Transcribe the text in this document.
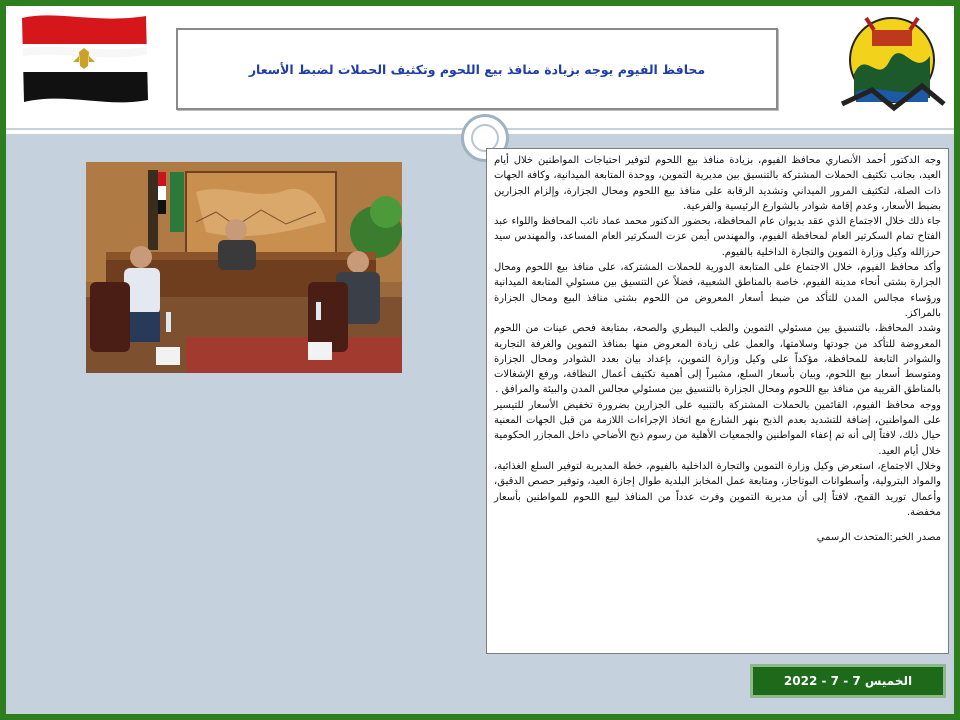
محافظ الفيوم يوجه بزيادة منافذ بيع اللحوم وتكثيف الحملات لضبط الأسعار

وجه الدكتور أحمد الأنصاري محافظ الفيوم، بزيادة منافذ بيع اللحوم لتوفير احتياجات المواطنين خلال أيام العيد، بجانب تكثيف الحملات المشتركة بالتنسيق بين مديرية التموين، ووحدة المتابعة الميدانية، وكافة الجهات ذات الصلة، لتكثيف المرور الميداني وتشديد الرقابة على منافذ بيع اللحوم ومحال الجزارة، وإلزام الجزارين بضبط الأسعار، وعدم إقامة شوادر بالشوارع الرئيسية والفرعية.

جاء ذلك خلال الاجتماع الذي عقد بديوان عام المحافظة، بحضور الدكتور محمد عماد نائب المحافظ واللواء عبد الفتاح تمام السكرتير العام لمحافظة الفيوم، والمهندس أيمن عزت السكرتير العام المساعد، والمهندس سيد حرزالله وكيل وزارة التموين والتجارة الداخلية بالفيوم.

وأكد محافظ الفيوم، خلال الاجتماع على المتابعة الدورية للحملات المشتركة، على منافذ بيع اللحوم ومحال الجزارة بشتى أنحاء مدينة الفيوم، خاصة بالمناطق الشعبية، فضلاً عن التنسيق بين مسئولي المتابعة الميدانية ورؤساء مجالس المدن للتأكد من ضبط أسعار المعروض من اللحوم بشتى منافذ البيع ومحال الجزارة بالمراكز.

وشدد المحافظ، بالتنسيق بين مسئولي التموين والطب البيطري والصحة، بمتابعة فحص عينات من اللحوم المعروضة للتأكد من جودتها وسلامتها، والعمل على زيادة المعروض منها بمنافذ التموين والغرفة التجارية والشوادر التابعة للمحافظة، مؤكداً على وكيل وزارة التموين، بإعداد بيان بعدد الشوادر ومحال الجزارة ومتوسط أسعار بيع اللحوم، وبيان بأسعار السلع، مشيراً إلى أهمية تكثيف أعمال النظافة، ورفع الإشغالات بالمناطق القريبة من منافذ بيع اللحوم ومحال الجزارة بالتنسيق بين مسئولي مجالس المدن والبيئة والمرافق .

ووجه محافظ الفيوم، القائمين بالحملات المشتركة بالتنبيه على الجزارين بضرورة تخفيض الأسعار للتيسير على المواطنين، إضافة للتشديد بعدم الذبح بنهر الشارع مع اتخاذ الإجراءات اللازمة من قبل الجهات المعنية حيال ذلك، لافتاً إلى أنه تم إعفاء المواطنين والجمعيات الأهلية من رسوم ذبح الأضاحي داخل المجازر الحكومية خلال أيام العيد.

وخلال الاجتماع، استعرض وكيل وزارة التموين والتجارة الداخلية بالفيوم، خطة المديرية لتوفير السلع الغذائية، والمواد البترولية، وأسطوانات البوتاجاز، ومتابعة عمل المخابز البلدية طوال إجازة العيد، وتوفير حصص الدقيق، وأعمال توريد القمح، لافتاً إلى أن مديرية التموين وفرت عدداً من المنافذ لبيع اللحوم للمواطنين بأسعار مخفضة.

مصدر الخبر:المتحدث الرسمي

الخميس 7 - 7 - 2022
